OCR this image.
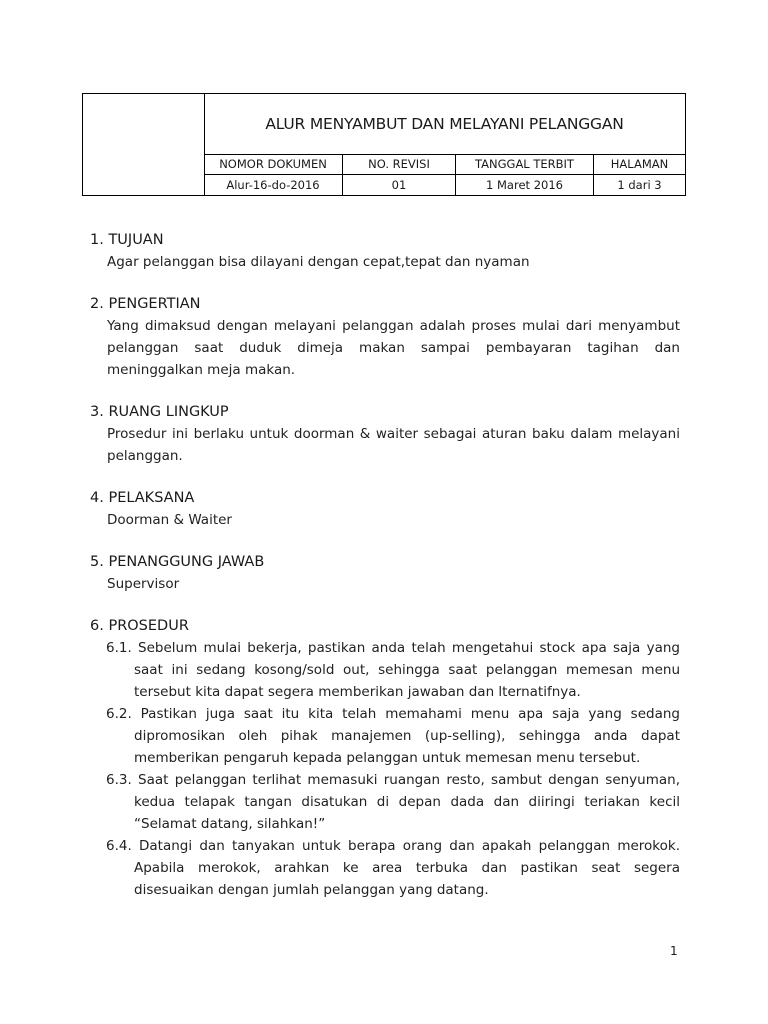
ALUR MENYAMBUT DAN MELAYANI PELANGGAN
NOMOR DOKUMEN	NO. REVISI	TANGGAL TERBIT	HALAMAN
Alur-16-do-2016	01	1 Maret 2016	1 dari 3
1. TUJUAN
Agar pelanggan bisa dilayani dengan cepat,tepat dan nyaman
2. PENGERTIAN
Yang dimaksud dengan melayani pelanggan adalah proses mulai dari menyambut pelanggan saat duduk dimeja makan sampai pembayaran tagihan dan meninggalkan meja makan.
3. RUANG LINGKUP
Prosedur ini berlaku untuk doorman & waiter sebagai aturan baku dalam melayani pelanggan.
4. PELAKSANA
Doorman & Waiter
5. PENANGGUNG JAWAB
Supervisor
6. PROSEDUR
6.1. Sebelum mulai bekerja, pastikan anda telah mengetahui stock apa saja yang saat ini sedang kosong/sold out, sehingga saat pelanggan memesan menu tersebut kita dapat segera memberikan jawaban dan lternatifnya.
6.2. Pastikan juga saat itu kita telah memahami menu apa saja yang sedang dipromosikan oleh pihak manajemen (up-selling), sehingga anda dapat memberikan pengaruh kepada pelanggan untuk memesan menu tersebut.
6.3. Saat pelanggan terlihat memasuki ruangan resto, sambut dengan senyuman, kedua telapak tangan disatukan di depan dada dan diiringi teriakan kecil “Selamat datang, silahkan!”
6.4. Datangi dan tanyakan untuk berapa orang dan apakah pelanggan merokok. Apabila merokok, arahkan ke area terbuka dan pastikan seat segera disesuaikan dengan jumlah pelanggan yang datang.
1
